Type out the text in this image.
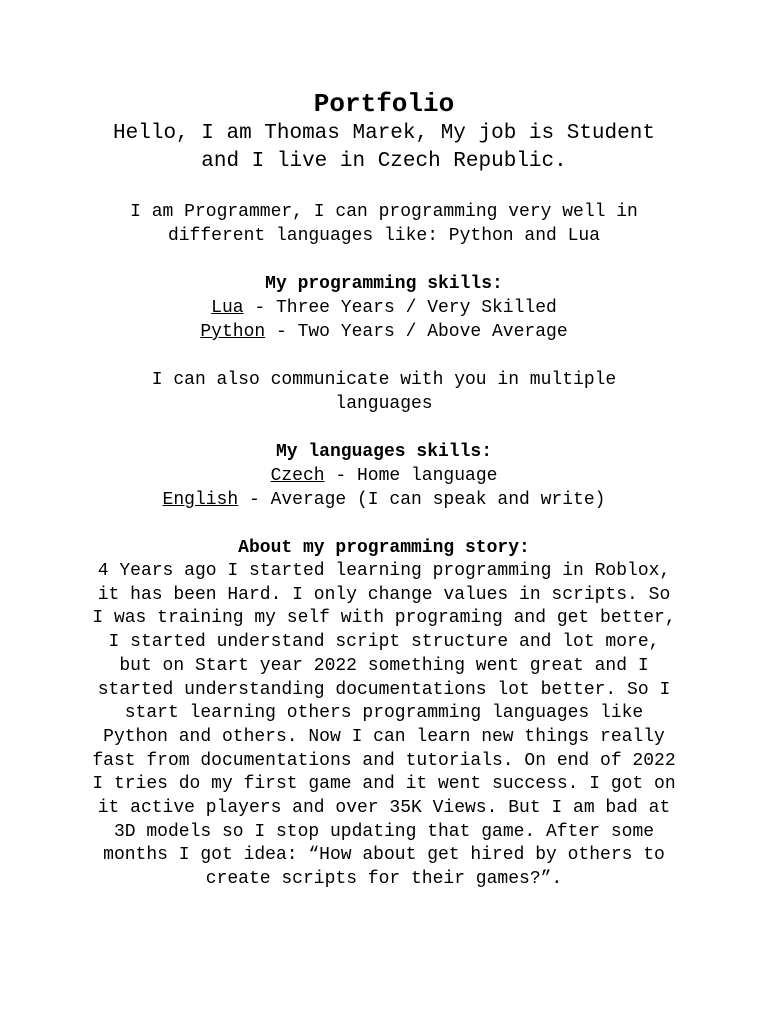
Portfolio

Hello, I am Thomas Marek, My job is Student and I live in Czech Republic.

I am Programmer, I can programming very well in different languages like: Python and Lua

My programming skills:
Lua - Three Years / Very Skilled
Python - Two Years / Above Average

I can also communicate with you in multiple languages

My languages skills:
Czech - Home language
English - Average (I can speak and write)
About my programming story:

4 Years ago I started learning programming in Roblox, it has been Hard. I only change values in scripts. So I was training my self with programing and get better, I started understand script structure and lot more, but on Start year 2022 something went great and I started understanding documentations lot better. So I start learning others programming languages like Python and others. Now I can learn new things really fast from documentations and tutorials. On end of 2022 I tries do my first game and it went success. I got on it active players and over 35K Views. But I am bad at 3D models so I stop updating that game. After some months I got idea: “How about get hired by others to create scripts for their games?”.
